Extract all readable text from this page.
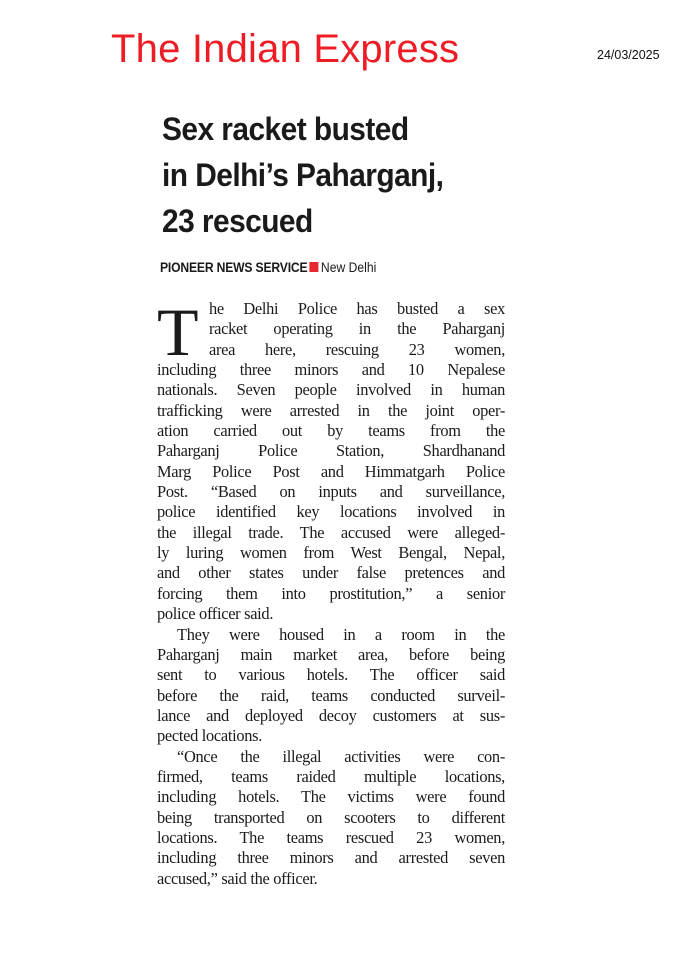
The Indian Express	24/03/2025
Sex racket busted
in Delhi’s Paharganj,
23 rescued
PIONEER NEWS SERVICE New Delhi
T he Delhi Police has busted a sex
racket operating in the Paharganj
area here, rescuing 23 women,
including three minors and 10 Nepalese
nationals. Seven people involved in human
trafficking were arrested in the joint oper-
ation carried out by teams from the
Paharganj Police Station, Shardhanand
Marg Police Post and Himmatgarh Police
Post. “Based on inputs and surveillance,
police identified key locations involved in
the illegal trade. The accused were alleged-
ly luring women from West Bengal, Nepal,
and other states under false pretences and
forcing them into prostitution,” a senior
police officer said.
They were housed in a room in the
Paharganj main market area, before being
sent to various hotels. The officer said
before the raid, teams conducted surveil-
lance and deployed decoy customers at sus-
pected locations.
“Once the illegal activities were con-
firmed, teams raided multiple locations,
including hotels. The victims were found
being transported on scooters to different
locations. The teams rescued 23 women,
including three minors and arrested seven
accused,” said the officer.
